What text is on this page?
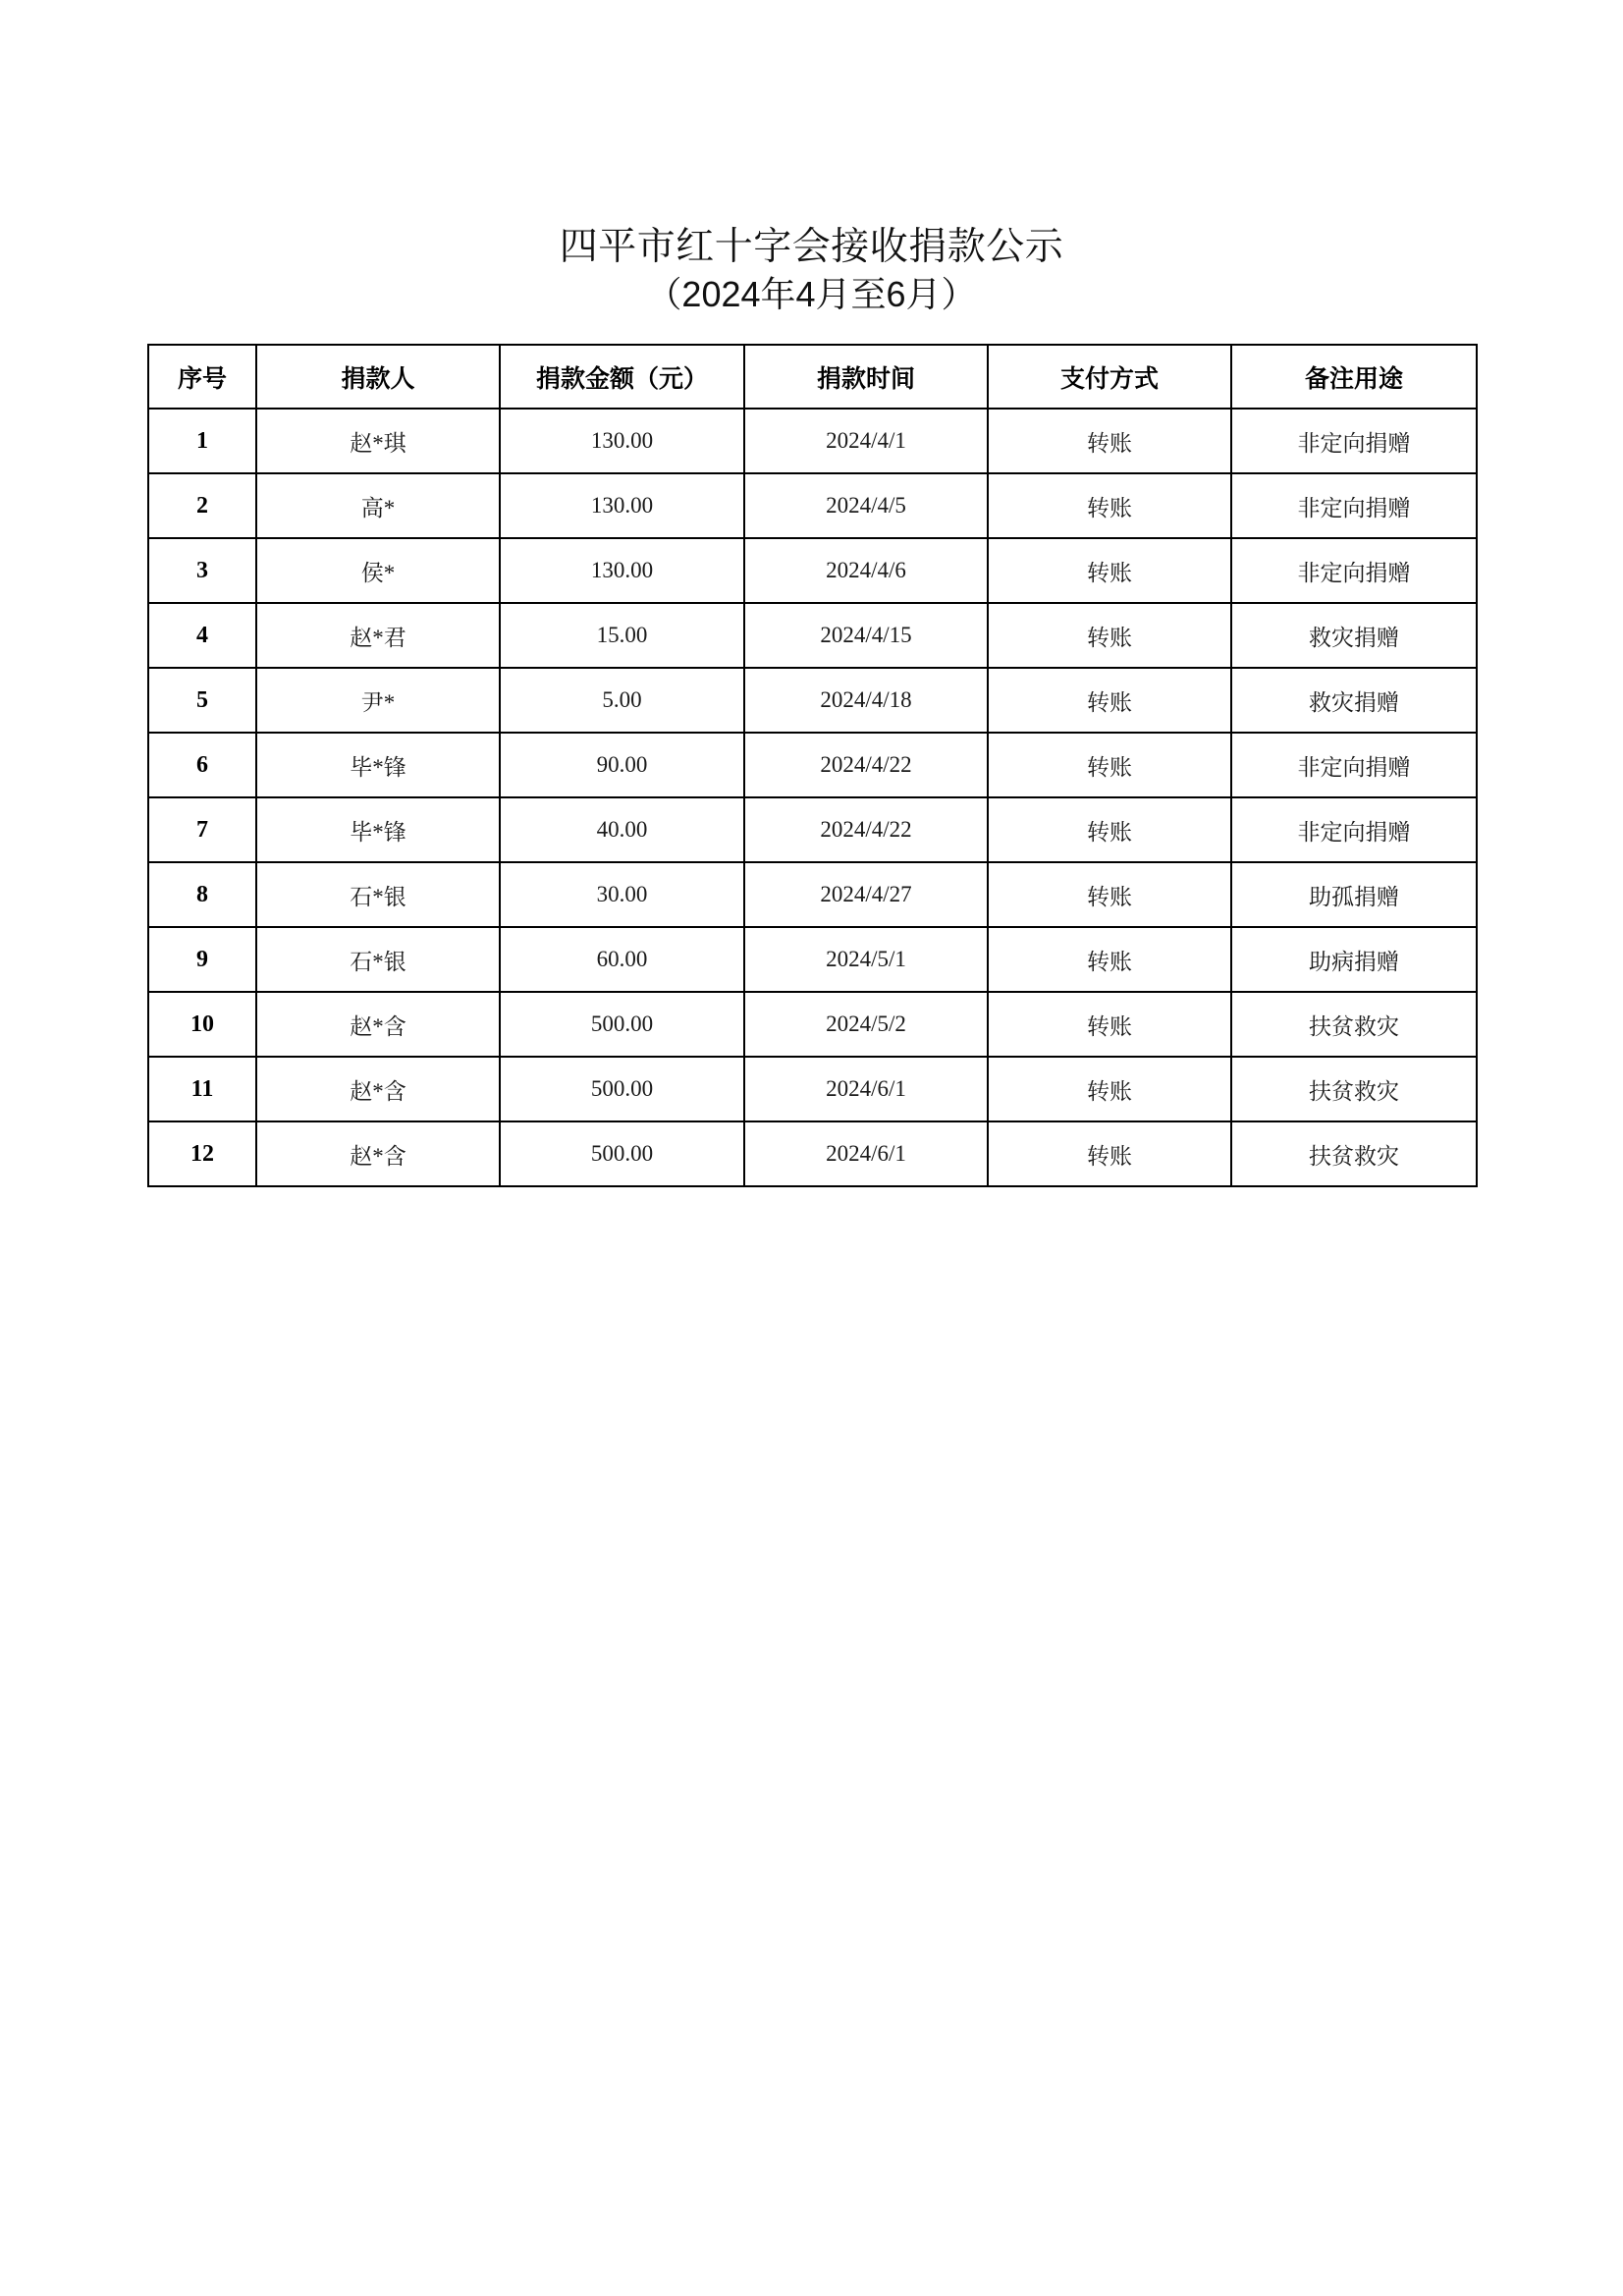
四平市红十字会接收捐款公示
（2024年4月至6月）
序号	捐款人	捐款金额（元）	捐款时间	支付方式	备注用途
1	赵*琪	130.00	2024/4/1	转账	非定向捐赠
2	高*	130.00	2024/4/5	转账	非定向捐赠
3	侯*	130.00	2024/4/6	转账	非定向捐赠
4	赵*君	15.00	2024/4/15	转账	救灾捐赠
5	尹*	5.00	2024/4/18	转账	救灾捐赠
6	毕*锋	90.00	2024/4/22	转账	非定向捐赠
7	毕*锋	40.00	2024/4/22	转账	非定向捐赠
8	石*银	30.00	2024/4/27	转账	助孤捐赠
9	石*银	60.00	2024/5/1	转账	助病捐赠
10	赵*含	500.00	2024/5/2	转账	扶贫救灾
11	赵*含	500.00	2024/6/1	转账	扶贫救灾
12	赵*含	500.00	2024/6/1	转账	扶贫救灾
